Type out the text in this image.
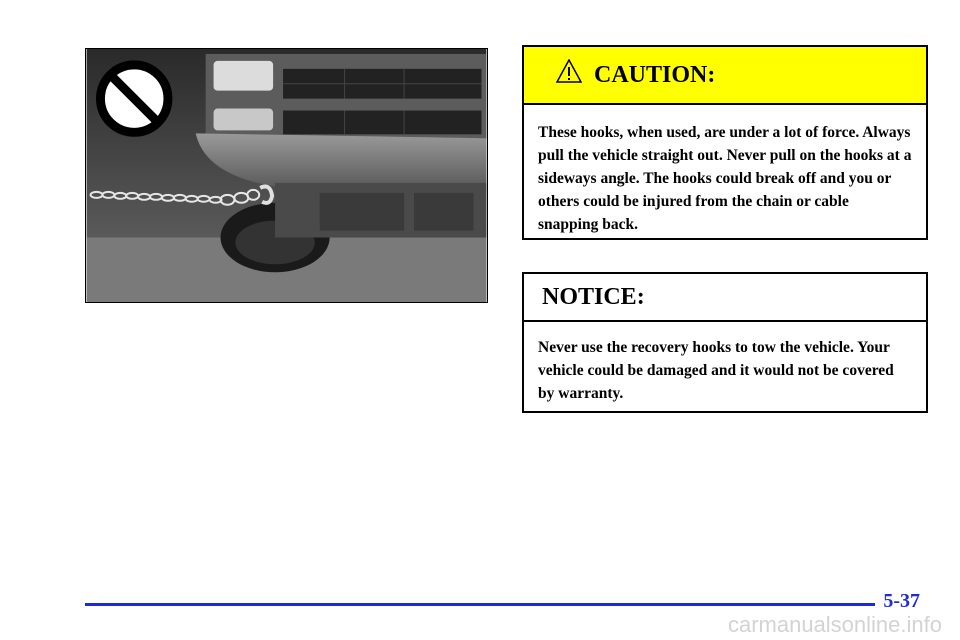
CAUTION:
These hooks, when used, are under a lot of force. Always pull the vehicle straight out. Never pull on the hooks at a sideways angle. The hooks could break off and you or others could be injured from the chain or cable snapping back.
NOTICE:
Never use the recovery hooks to tow the vehicle. Your vehicle could be damaged and it would not be covered by warranty.
5-37
carmanualsonline.info
